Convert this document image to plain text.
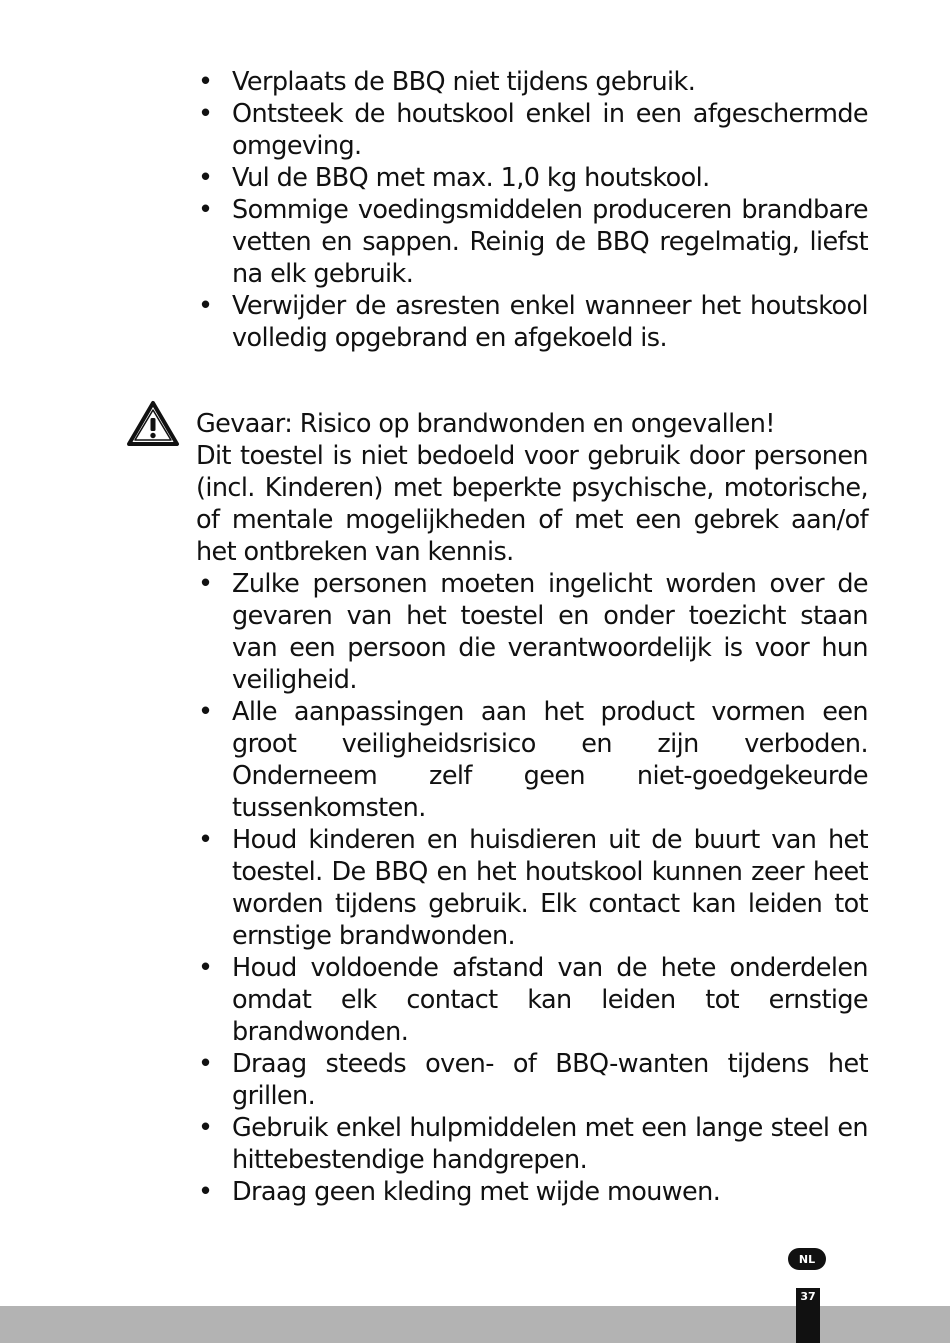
• Verplaats de BBQ niet tijdens gebruik.
• Ontsteek de houtskool enkel in een afgeschermde omgeving.
• Vul de BBQ met max. 1,0 kg houtskool.
• Sommige voedingsmiddelen produceren brandbare vetten en sappen. Reinig de BBQ regelmatig, liefst na elk gebruik.
• Verwijder de asresten enkel wanneer het houtskool volledig opgebrand en afgekoeld is.
Gevaar: Risico op brandwonden en ongevallen!
Dit toestel is niet bedoeld voor gebruik door personen (incl. Kinderen) met beperkte psychische, motorische, of mentale mogelijkheden of met een gebrek aan/of het ontbreken van kennis.
• Zulke personen moeten ingelicht worden over de gevaren van het toestel en onder toezicht staan van een persoon die verantwoordelijk is voor hun veiligheid.
• Alle aanpassingen aan het product vormen een groot veiligheidsrisico en zijn verboden. Onderneem zelf geen niet-goedgekeurde tussenkomsten.
• Houd kinderen en huisdieren uit de buurt van het toestel. De BBQ en het houtskool kunnen zeer heet worden tijdens gebruik. Elk contact kan leiden tot ernstige brandwonden.
• Houd voldoende afstand van de hete onderdelen omdat elk contact kan leiden tot ernstige brandwonden.
• Draag steeds oven- of BBQ-wanten tijdens het grillen.
• Gebruik enkel hulpmiddelen met een lange steel en hittebestendige handgrepen.
• Draag geen kleding met wijde mouwen.
NL
37
